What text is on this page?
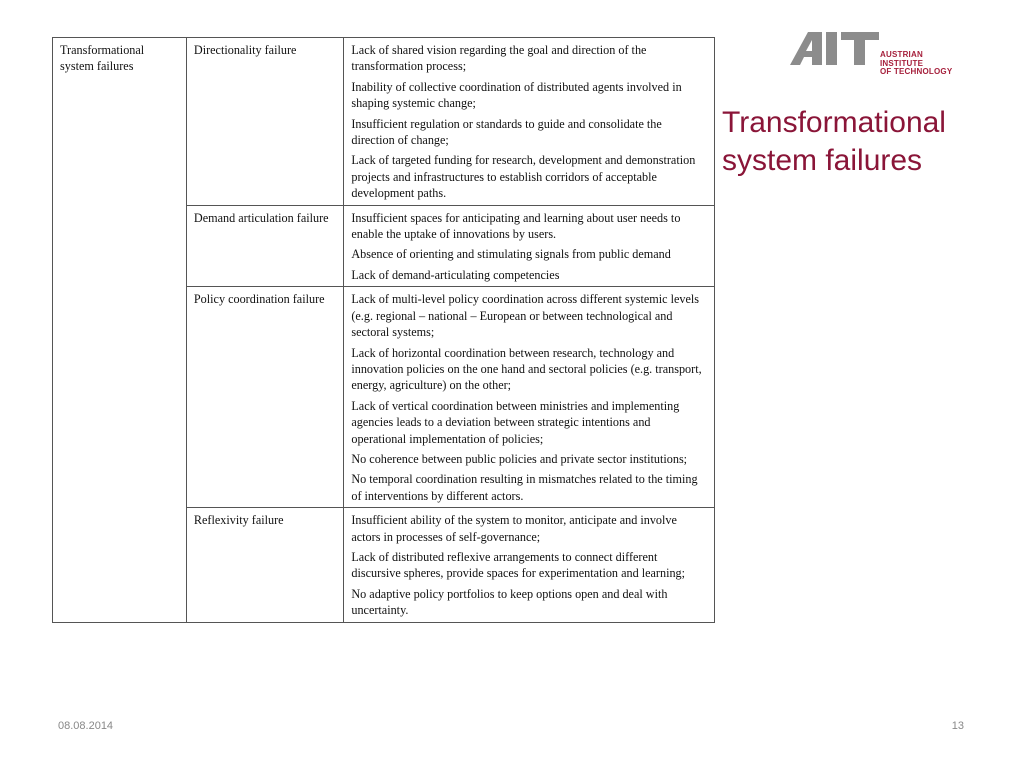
Transformational system failures	Directionality failure	Lack of shared vision regarding the goal and direction of the transformation process;
Inability of collective coordination of distributed agents involved in shaping systemic change;
Insufficient regulation or standards to guide and consolidate the direction of change;
Lack of targeted funding for research, development and demonstration projects and infrastructures to establish corridors of acceptable development paths.

	Demand articulation failure	Insufficient spaces for anticipating and learning about user needs to enable the uptake of innovations by users.
Absence of orienting and stimulating signals from public demand
Lack of demand-articulating competencies

	Policy coordination failure	Lack of multi-level policy coordination across different systemic levels (e.g. regional – national – European or between technological and sectoral systems;
Lack of horizontal coordination between research, technology and innovation policies on the one hand and sectoral policies (e.g. transport, energy, agriculture) on the other;
Lack of vertical coordination between ministries and implementing agencies leads to a deviation between strategic intentions and operational implementation of policies;
No coherence between public policies and private sector institutions;
No temporal coordination resulting in mismatches related to the timing of interventions by different actors.

	Reflexivity failure	Insufficient ability of the system to monitor, anticipate and involve actors in processes of self-governance;
Lack of distributed reflexive arrangements to connect different discursive spheres, provide spaces for experimentation and learning;
No adaptive policy portfolios to keep options open and deal with uncertainty.
AUSTRIAN INSTITUTE
OF TECHNOLOGY
Transformational system failures
08.08.2014	13
